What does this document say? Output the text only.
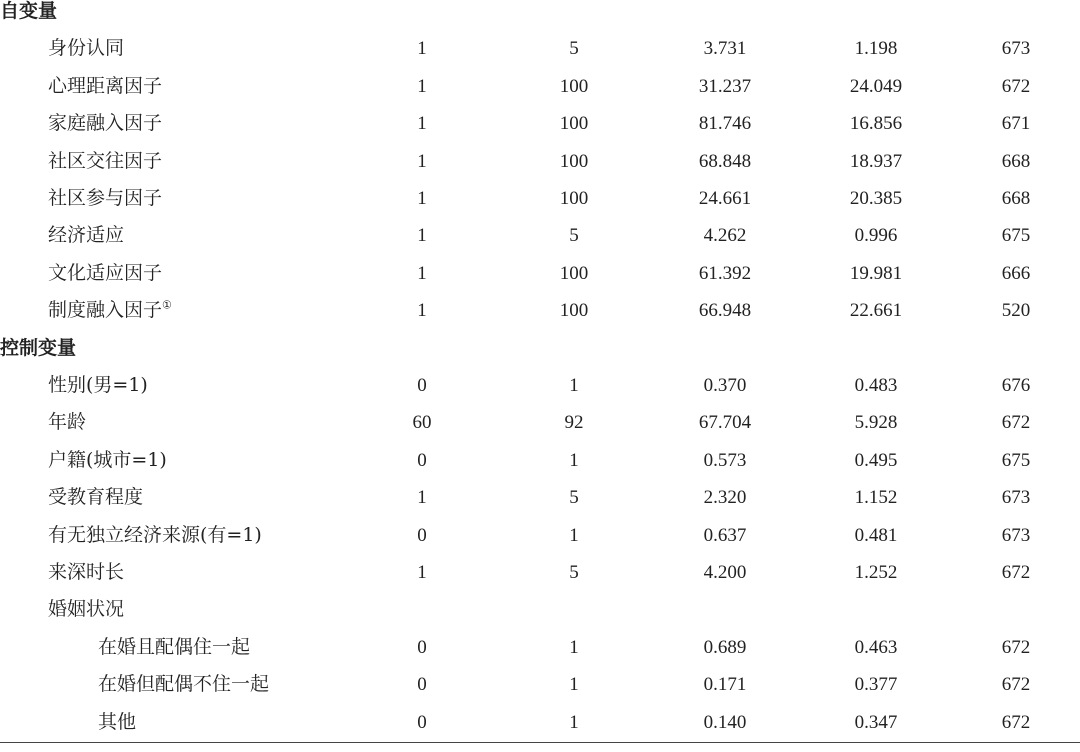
自变量
身份认同	1	5	3.731	1.198	673
心理距离因子	1	100	31.237	24.049	672
家庭融入因子	1	100	81.746	16.856	671
社区交往因子	1	100	68.848	18.937	668
社区参与因子	1	100	24.661	20.385	668
经济适应	1	5	4.262	0.996	675
文化适应因子	1	100	61.392	19.981	666
制度融入因子①	1	100	66.948	22.661	520
控制变量
性别(男=1)	0	1	0.370	0.483	676
年龄	60	92	67.704	5.928	672
户籍(城市=1)	0	1	0.573	0.495	675
受教育程度	1	5	2.320	1.152	673
有无独立经济来源(有=1)	0	1	0.637	0.481	673
来深时长	1	5	4.200	1.252	672
婚姻状况
在婚且配偶住一起	0	1	0.689	0.463	672
在婚但配偶不住一起	0	1	0.171	0.377	672
其他	0	1	0.140	0.347	672
